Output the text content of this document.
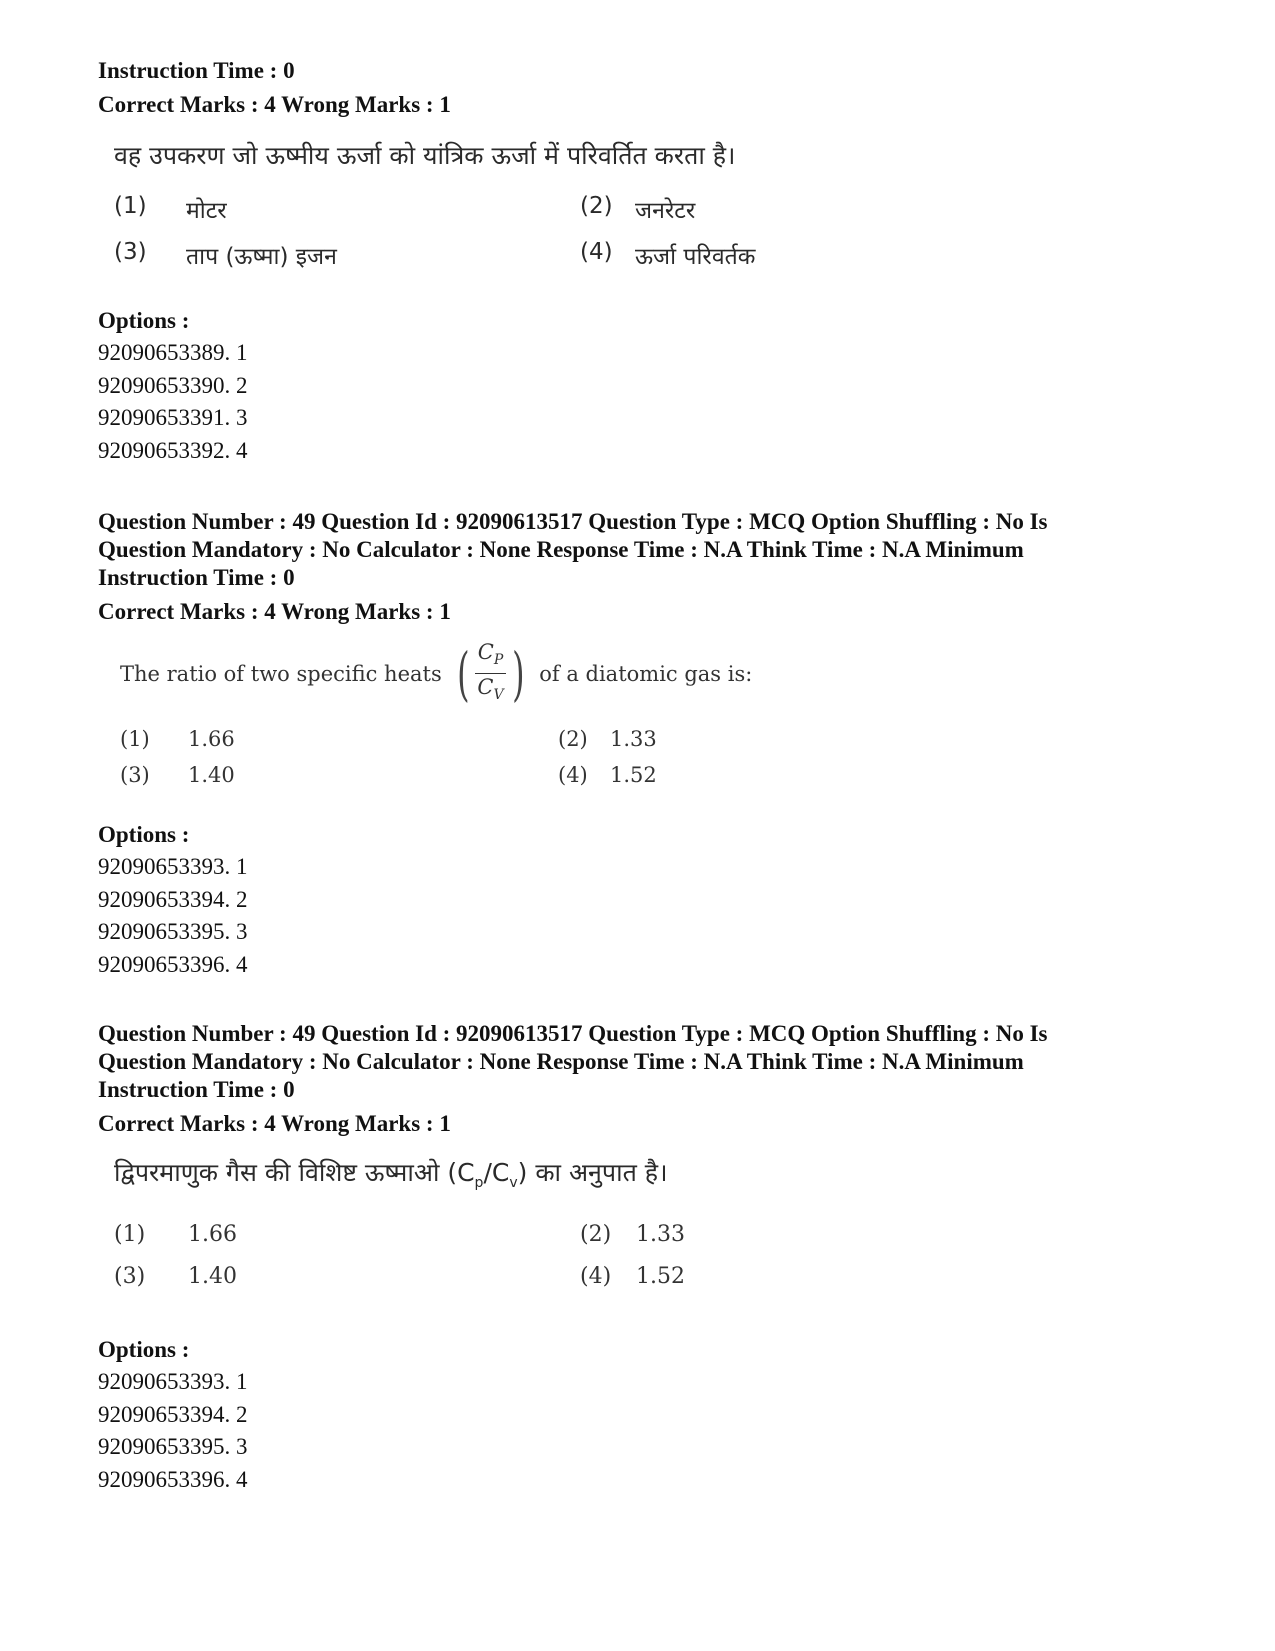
Instruction Time : 0

Correct Marks : 4 Wrong Marks : 1

वह उपकरण जो ऊष्मीय ऊर्जा को यांत्रिक ऊर्जा में परिवर्तित करता है।
(1)	मोटर	(2) जनरेटर
(3)	ताप (ऊष्मा) इजन	(4) ऊर्जा परिवर्तक

Options :

92090653389. 1
92090653390. 2
92090653391. 3
92090653392. 4

Question Number : 49 Question Id : 92090613517 Question Type : MCQ Option Shuffling : No Is

Question Mandatory : No Calculator : None Response Time : N.A Think Time : N.A Minimum

Instruction Time : 0

Correct Marks : 4 Wrong Marks : 1

The ratio of two specific heats ( $\frac{C_P}{C_V}$ ) of a diatomic gas is:
(1)	1.66	(2)	1.33
(3)	1.40	(4)	1.52

Options :

92090653393. 1
92090653394. 2
92090653395. 3
92090653396. 4

Question Number : 49 Question Id : 92090613517 Question Type : MCQ Option Shuffling : No Is

Question Mandatory : No Calculator : None Response Time : N.A Think Time : N.A Minimum

Instruction Time : 0

Correct Marks : 4 Wrong Marks : 1

द्विपरमाणुक गैस की विशिष्ट ऊष्माओ $(C_p/C_v)$ का अनुपात है।
(1)	1.66	(2)	1.33
(3)	1.40	(4)	1.52

Options :

92090653393. 1
92090653394. 2
92090653395. 3
92090653396. 4
